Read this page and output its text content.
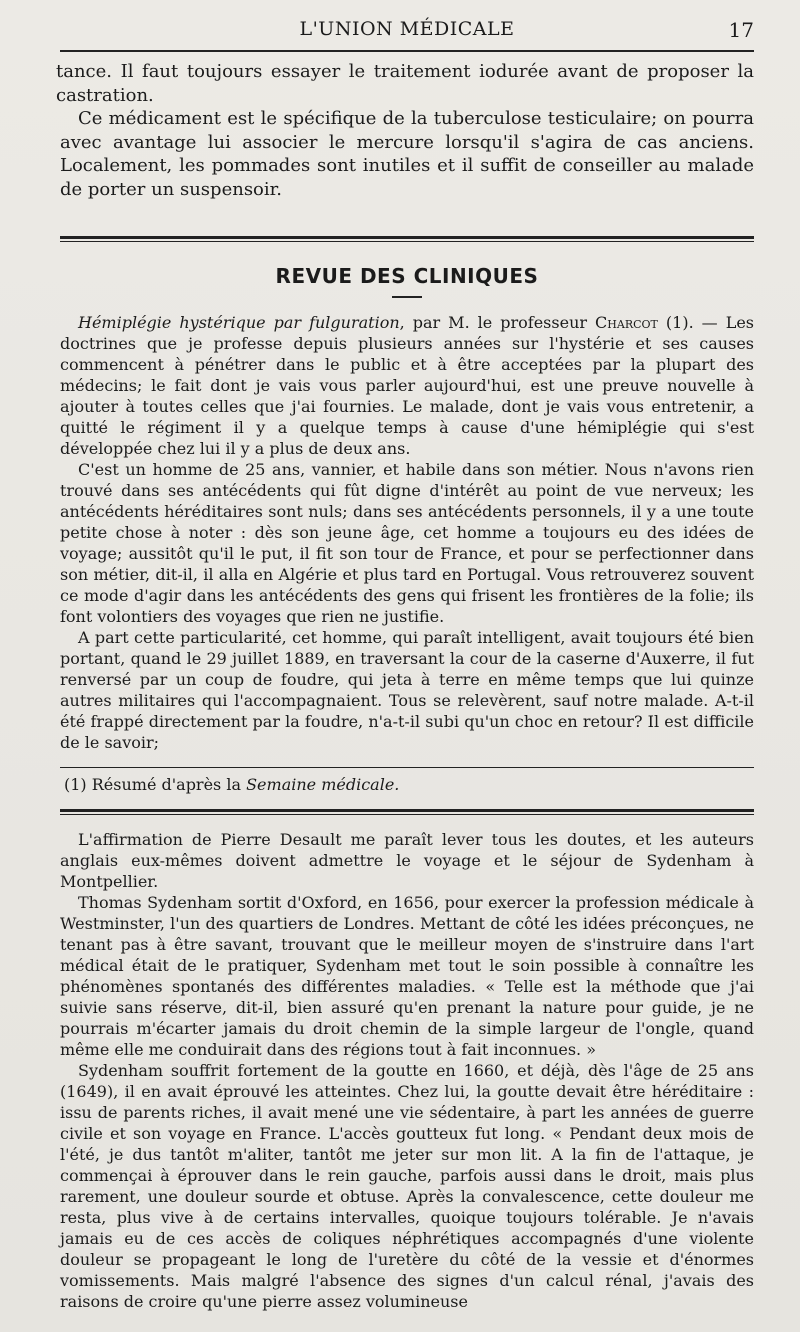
L'UNION MÉDICALE	17

tance. Il faut toujours essayer le traitement iodurée avant de proposer la castration.

Ce médicament est le spécifique de la tuberculose testiculaire; on pourra avec avantage lui associer le mercure lorsqu'il s'agira de cas anciens. Localement, les pommades sont inutiles et il suffit de conseiller au malade de porter un suspensoir.

REVUE DES CLINIQUES

Hémiplégie hystérique par fulguration, par M. le professeur Charcot (1). — Les doctrines que je professe depuis plusieurs années sur l'hystérie et ses causes commencent à pénétrer dans le public et à être acceptées par la plupart des médecins; le fait dont je vais vous parler aujourd'hui, est une preuve nouvelle à ajouter à toutes celles que j'ai fournies. Le malade, dont je vais vous entretenir, a quitté le régiment il y a quelque temps à cause d'une hémiplégie qui s'est développée chez lui il y a plus de deux ans.

C'est un homme de 25 ans, vannier, et habile dans son métier. Nous n'avons rien trouvé dans ses antécédents qui fût digne d'intérêt au point de vue nerveux; les antécédents héréditaires sont nuls; dans ses antécédents personnels, il y a une toute petite chose à noter : dès son jeune âge, cet homme a toujours eu des idées de voyage; aussitôt qu'il le put, il fit son tour de France, et pour se perfectionner dans son métier, dit-il, il alla en Algérie et plus tard en Portugal. Vous retrouverez souvent ce mode d'agir dans les antécédents des gens qui frisent les frontières de la folie; ils font volontiers des voyages que rien ne justifie.

A part cette particularité, cet homme, qui paraît intelligent, avait toujours été bien portant, quand le 29 juillet 1889, en traversant la cour de la caserne d'Auxerre, il fut renversé par un coup de foudre, qui jeta à terre en même temps que lui quinze autres militaires qui l'accompagnaient. Tous se relevèrent, sauf notre malade. A-t-il été frappé directement par la foudre, n'a-t-il subi qu'un choc en retour? Il est difficile de le savoir;

(1) Résumé d'après la Semaine médicale.

L'affirmation de Pierre Desault me paraît lever tous les doutes, et les auteurs anglais eux-mêmes doivent admettre le voyage et le séjour de Sydenham à Montpellier.

Thomas Sydenham sortit d'Oxford, en 1656, pour exercer la profession médicale à Westminster, l'un des quartiers de Londres. Mettant de côté les idées préconçues, ne tenant pas à être savant, trouvant que le meilleur moyen de s'instruire dans l'art médical était de le pratiquer, Sydenham met tout le soin possible à connaître les phénomènes spontanés des différentes maladies. « Telle est la méthode que j'ai suivie sans réserve, dit-il, bien assuré qu'en prenant la nature pour guide, je ne pourrais m'écarter jamais du droit chemin de la simple largeur de l'ongle, quand même elle me conduirait dans des régions tout à fait inconnues. »

Sydenham souffrit fortement de la goutte en 1660, et déjà, dès l'âge de 25 ans (1649), il en avait éprouvé les atteintes. Chez lui, la goutte devait être héréditaire : issu de parents riches, il avait mené une vie sédentaire, à part les années de guerre civile et son voyage en France. L'accès goutteux fut long. « Pendant deux mois de l'été, je dus tantôt m'aliter, tantôt me jeter sur mon lit. A la fin de l'attaque, je commençai à éprouver dans le rein gauche, parfois aussi dans le droit, mais plus rarement, une douleur sourde et obtuse. Après la convalescence, cette douleur me resta, plus vive à de certains intervalles, quoique toujours tolérable. Je n'avais jamais eu de ces accès de coliques néphrétiques accompagnés d'une violente douleur se propageant le long de l'uretère du côté de la vessie et d'énormes vomissements. Mais malgré l'absence des signes d'un calcul rénal, j'avais des raisons de croire qu'une pierre assez volumineuse
